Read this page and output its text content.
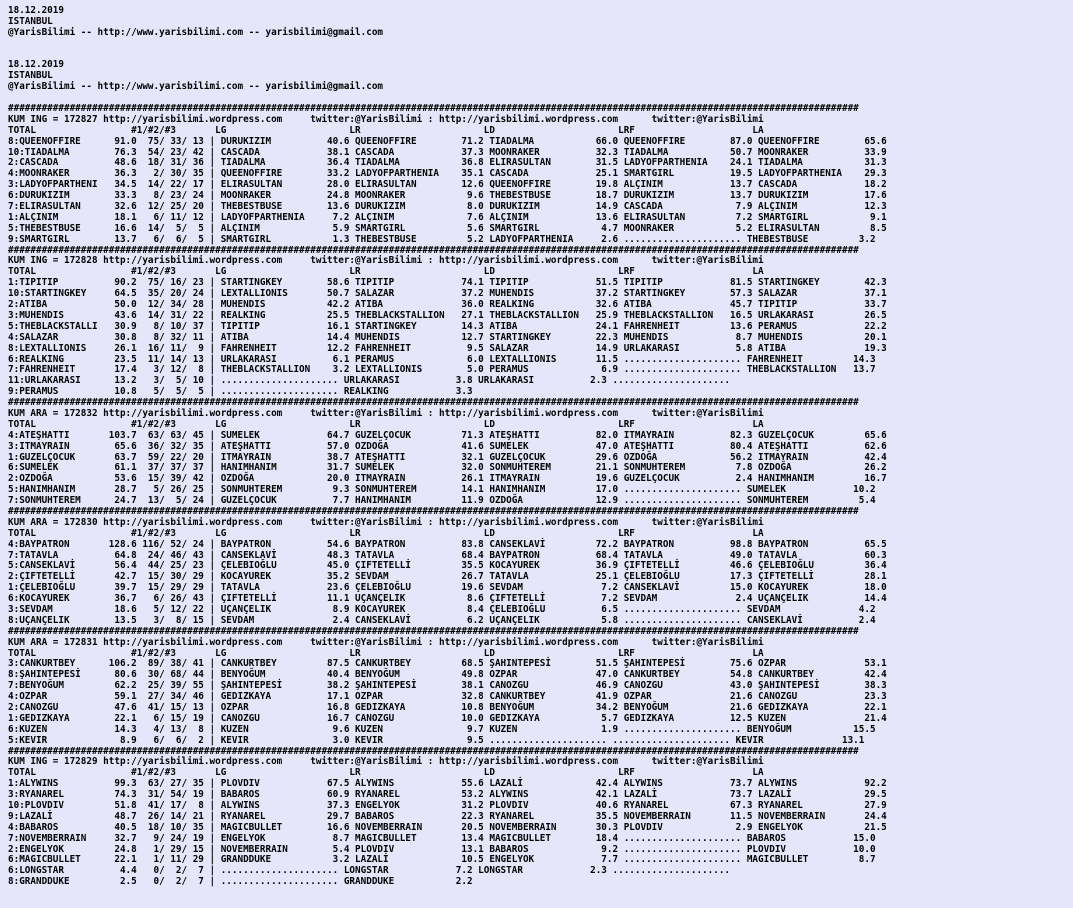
18.12.2019
ISTANBUL
@YarisBilimi -- http://www.yarisbilimi.com -- yarisbilimi@gmail.com

18.12.2019
ISTANBUL
@YarisBilimi -- http://www.yarisbilimi.com -- yarisbilimi@gmail.com

########################################################################################################################################################
KUM ING = 172827 http://yarisbilimi.wordpress.com     twitter:@YarisBilimi : http://yarisbilimi.wordpress.com      twitter:@YarisBilimi
TOTAL                 #1/#2/#3       LG                      LR                      LD                      LRF                     LA
8:QUEENOFFIRE      91.0  75/ 33/ 13 | DURUKIZIM          40.6 QUEENOFFIRE        71.2 TIADALMA           66.0 QUEENOFFIRE        87.0 QUEENOFFIRE        65.6
10:TIADALMA        76.3  54/ 23/ 42 | CASCADA            38.1 CASCADA            37.3 MOONRAKER          32.3 TIADALMA           50.7 MOONRAKER          33.9
2:CASCADA          48.6  18/ 31/ 36 | TIADALMA           36.4 TIADALMA           36.8 ELIRASULTAN        31.5 LADYOFPARTHENIA    24.1 TIADALMA           31.3
4:MOONRAKER        36.3   2/ 30/ 35 | QUEENOFFIRE        33.2 LADYOFPARTHENIA    35.1 CASCADA            25.1 SMARTGIRL          19.5 LADYOFPARTHENIA    29.3
3:LADYOFPARTHENI   34.5  14/ 22/ 17 | ELIRASULTAN        28.0 ELIRASULTAN        12.6 QUEENOFFIRE        19.8 ALÇINIM            13.7 CASCADA            18.2
6:DURUKIZIM        33.3   8/ 23/ 24 | MOONRAKER          24.8 MOONRAKER           9.6 THEBESTBUSE        18.7 DURUKIZIM          13.7 DURUKIZIM          17.6
7:ELIRASULTAN      32.6  12/ 25/ 20 | THEBESTBUSE        13.6 DURUKIZIM           8.0 DURUKIZIM          14.9 CASCADA             7.9 ALÇINIM            12.3
1:ALÇINIM          18.1   6/ 11/ 12 | LADYOFPARTHENIA     7.2 ALÇINIM             7.6 ALÇINIM            13.6 ELIRASULTAN         7.2 SMARTGIRL           9.1
5:THEBESTBUSE      16.6  14/  5/  5 | ALÇINIM             5.9 SMARTGIRL           5.6 SMARTGIRL           4.7 MOONRAKER           5.2 ELIRASULTAN         8.5
9:SMARTGIRL        13.7   6/  6/  5 | SMARTGIRL           1.3 THEBESTBUSE         5.2 LADYOFPARTHENIA     2.6 ..................... THEBESTBUSE         3.2
########################################################################################################################################################
KUM ING = 172828 http://yarisbilimi.wordpress.com     twitter:@YarisBilimi : http://yarisbilimi.wordpress.com      twitter:@YarisBilimi
TOTAL                 #1/#2/#3       LG                      LR                      LD                      LRF                     LA
1:TIPITIP          90.2  75/ 16/ 23 | STARTINGKEY        58.6 TIPITIP            74.1 TIPITIP            51.5 TIPITIP            81.5 STARTINGKEY        42.3
10:STARTINGKEY     64.5  35/ 20/ 24 | LEXTALLIONIS       50.7 SALAZAR            37.2 MUHENDIS           37.2 STARTINGKEY        57.3 SALAZAR            37.1
2:ATIBA            50.0  12/ 34/ 28 | MUHENDIS           42.2 ATIBA              36.0 REALKING           32.6 ATIBA              45.7 TIPITIP            33.7
3:MUHENDIS         43.6  14/ 31/ 22 | REALKING           25.5 THEBLACKSTALLION   27.1 THEBLACKSTALLION   25.9 THEBLACKSTALLION   16.5 URLAKARASI         26.5
5:THEBLACKSTALLI   30.9   8/ 10/ 37 | TIPITIP            16.1 STARTINGKEY        14.3 ATIBA              24.1 FAHRENHEIT         13.6 PERAMUS            22.2
4:SALAZAR          30.8   8/ 32/ 11 | ATIBA              14.4 MUHENDIS           12.7 STARTINGKEY        22.3 MUHENDIS            8.7 MUHENDIS           20.1
8:LEXTALLIONIS     26.1  16/ 11/  9 | FAHRENHEIT         12.2 FAHRENHEIT          9.5 SALAZAR            14.9 URLAKARASI          5.8 ATIBA              19.3
6:REALKING         23.5  11/ 14/ 13 | URLAKARASI          6.1 PERAMUS             6.0 LEXTALLIONIS       11.5 ..................... FAHRENHEIT         14.3
7:FAHRENHEIT       17.4   3/ 12/  8 | THEBLACKSTALLION    3.2 LEXTALLIONIS        5.0 PERAMUS             6.9 ..................... THEBLACKSTALLION   13.7
11:URLAKARASI      13.2   3/  5/ 10 | ..................... URLAKARASI          3.8 URLAKARASI          2.3 .....................
9:PERAMUS          10.8   5/  5/  5 | ..................... REALKING            3.3
########################################################################################################################################################
KUM ARA = 172832 http://yarisbilimi.wordpress.com     twitter:@YarisBilimi : http://yarisbilimi.wordpress.com      twitter:@YarisBilimi
TOTAL                 #1/#2/#3       LG                      LR                      LD                      LRF                     LA
4:ATEŞHATTI       103.7  63/ 63/ 45 | SUMELEK            64.7 GUZELÇOCUK         71.3 ATEŞHATTI          82.0 ITMAYRAIN          82.3 GUZELÇOCUK         65.6
3:ITMAYRAIN        65.6  36/ 32/ 35 | ATEŞHATTI          57.0 OZDOĞA             41.6 SUMELEK            47.0 ATEŞHATTI          80.4 ATEŞHATTI          62.6
1:GUZELÇOCUK       63.7  59/ 22/ 20 | ITMAYRAIN          38.7 ATEŞHATTI          32.1 GUZELÇOCUK         29.6 OZDOĞA             56.2 ITMAYRAIN          42.4
6:SUMELEK          61.1  37/ 37/ 37 | HANIMHANIM         31.7 SUMELEK            32.0 SONMUHTEREM        21.1 SONMUHTEREM         7.8 OZDOĞA             26.2
2:OZDOĞA           53.6  15/ 39/ 42 | OZDOĞA             20.0 ITMAYRAIN          26.1 ITMAYRAIN          19.6 GUZELÇOCUK          2.4 HANIMHANIM         16.7
5:HANIMHANIM       28.7   5/ 26/ 25 | SONMUHTEREM         9.3 SONMUHTEREM        14.1 HANIMHANIM         17.0 ..................... SUMELEK            10.2
7:SONMUHTEREM      24.7  13/  5/ 24 | GUZELÇOCUK          7.7 HANIMHANIM         11.9 OZDOĞA             12.9 ..................... SONMUHTEREM         5.4
########################################################################################################################################################
KUM ARA = 172830 http://yarisbilimi.wordpress.com     twitter:@YarisBilimi : http://yarisbilimi.wordpress.com      twitter:@YarisBilimi
TOTAL                 #1/#2/#3       LG                      LR                      LD                      LRF                     LA
4:BAYPATRON       128.6 116/ 52/ 24 | BAYPATRON          54.6 BAYPATRON          83.8 CANSEKLAVİ         72.2 BAYPATRON          98.8 BAYPATRON          65.5
7:TATAVLA          64.8  24/ 46/ 43 | CANSEKLAVİ         48.3 TATAVLA            68.4 BAYPATRON          68.4 TATAVLA            49.0 TATAVLA            60.3
5:CANSEKLAVİ       56.4  44/ 25/ 23 | ÇELEBIOĞLU         45.0 ÇIFTETELLİ         35.5 KOCAYUREK          36.9 ÇIFTETELLİ         46.6 ÇELEBIOĞLU         36.4
2:ÇIFTETELLİ       42.7  15/ 30/ 29 | KOCAYUREK          35.2 SEVDAM             26.7 TATAVLA            25.1 ÇELEBIOĞLU         17.3 ÇIFTETELLİ         28.1
1:ÇELEBIOĞLU       39.7  15/ 29/ 29 | TATAVLA            23.6 ÇELEBIOĞLU         19.6 SEVDAM              7.2 CANSEKLAVİ         15.0 KOCAYUREK          18.0
6:KOCAYUREK        36.7   6/ 26/ 43 | ÇIFTETELLİ         11.1 UÇANÇELIK           8.6 ÇIFTETELLİ          7.2 SEVDAM              2.4 UÇANÇELIK          14.4
3:SEVDAM           18.6   5/ 12/ 22 | UÇANÇELIK           8.9 KOCAYUREK           8.4 ÇELEBIOĞLU          6.5 ..................... SEVDAM              4.2
8:UÇANÇELIK        13.5   3/  8/ 15 | SEVDAM              2.4 CANSEKLAVİ          6.2 UÇANÇELIK           5.8 ..................... CANSEKLAVİ          2.4
########################################################################################################################################################
KUM ARA = 172831 http://yarisbilimi.wordpress.com     twitter:@YarisBilimi : http://yarisbilimi.wordpress.com      twitter:@YarisBilimi
TOTAL                 #1/#2/#3       LG                      LR                      LD                      LRF                     LA
3:CANKURTBEY      106.2  89/ 38/ 41 | CANKURTBEY         87.5 CANKURTBEY         68.5 ŞAHINTEPESİ        51.5 ŞAHINTEPESİ        75.6 OZPAR              53.1
8:ŞAHINTEPESİ      80.6  30/ 68/ 44 | BENYOĞUM           40.4 BENYOĞUM           49.8 OZPAR              47.0 CANKURTBEY         54.8 CANKURTBEY         42.4
7:BENYOĞUM         62.2  25/ 39/ 55 | ŞAHINTEPESİ        38.2 ŞAHINTEPESİ        38.1 CANOZGU            46.9 CANOZGU            43.0 ŞAHINTEPESİ        38.3
4:OZPAR            59.1  27/ 34/ 46 | GEDIZKAYA          17.1 OZPAR              32.8 CANKURTBEY         41.9 OZPAR              21.6 CANOZGU            23.3
2:CANOZGU          47.6  41/ 15/ 13 | OZPAR              16.8 GEDIZKAYA          10.8 BENYOĞUM           34.2 BENYOĞUM           21.6 GEDIZKAYA          22.1
1:GEDIZKAYA        22.1   6/ 15/ 19 | CANOZGU            16.7 CANOZGU            10.0 GEDIZKAYA           5.7 GEDIZKAYA          12.5 KUZEN              21.4
6:KUZEN            14.3   4/ 13/  8 | KUZEN               9.6 KUZEN               9.7 KUZEN               1.9 ..................... BENYOĞUM           15.5
5:KEVIR             8.9   6/  6/  2 | KEVIR               3.0 KEVIR               9.5 ..................... ..................... KEVIR              13.1
########################################################################################################################################################
KUM ING = 172829 http://yarisbilimi.wordpress.com     twitter:@YarisBilimi : http://yarisbilimi.wordpress.com      twitter:@YarisBilimi
TOTAL                 #1/#2/#3       LG                      LR                      LD                      LRF                     LA
1:ALYWINS          99.3  63/ 27/ 35 | PLOVDIV            67.5 ALYWINS            55.6 LAZALİ             42.4 ALYWINS            73.7 ALYWINS            92.2
3:RYANAREL         74.3  31/ 54/ 19 | BABAROS            60.9 RYANAREL           53.2 ALYWINS            42.1 LAZALİ             73.7 LAZALİ             29.5
10:PLOVDIV         51.8  41/ 17/  8 | ALYWINS            37.3 ENGELYOK           31.2 PLOVDIV            40.6 RYANAREL           67.3 RYANAREL           27.9
9:LAZALİ           48.7  26/ 14/ 21 | RYANAREL           29.7 BABAROS            22.3 RYANAREL           35.5 NOVEMBERRAIN       11.5 NOVEMBERRAIN       24.4
4:BABAROS          40.5  18/ 10/ 35 | MAGICBULLET        16.6 NOVEMBERRAIN       20.5 NOVEMBERRAIN       30.3 PLOVDIV             2.9 ENGELYOK           21.5
7:NOVEMBERRAIN     32.7   9/ 24/ 19 | ENGELYOK            8.7 MAGICBULLET        13.4 MAGICBULLET        18.4 ..................... BABAROS            15.0
2:ENGELYOK         24.8   1/ 29/ 15 | NOVEMBERRAIN        5.4 PLOVDIV            13.1 BABAROS             9.2 ..................... PLOVDIV            10.0
6:MAGICBULLET      22.1   1/ 11/ 29 | GRANDDUKE           3.2 LAZALİ             10.5 ENGELYOK            7.7 ..................... MAGICBULLET         8.7
6:LONGSTAR          4.4   0/  2/  7 | ..................... LONGSTAR            7.2 LONGSTAR            2.3 .....................
8:GRANDDUKE         2.5   0/  2/  7 | ..................... GRANDDUKE           2.2
